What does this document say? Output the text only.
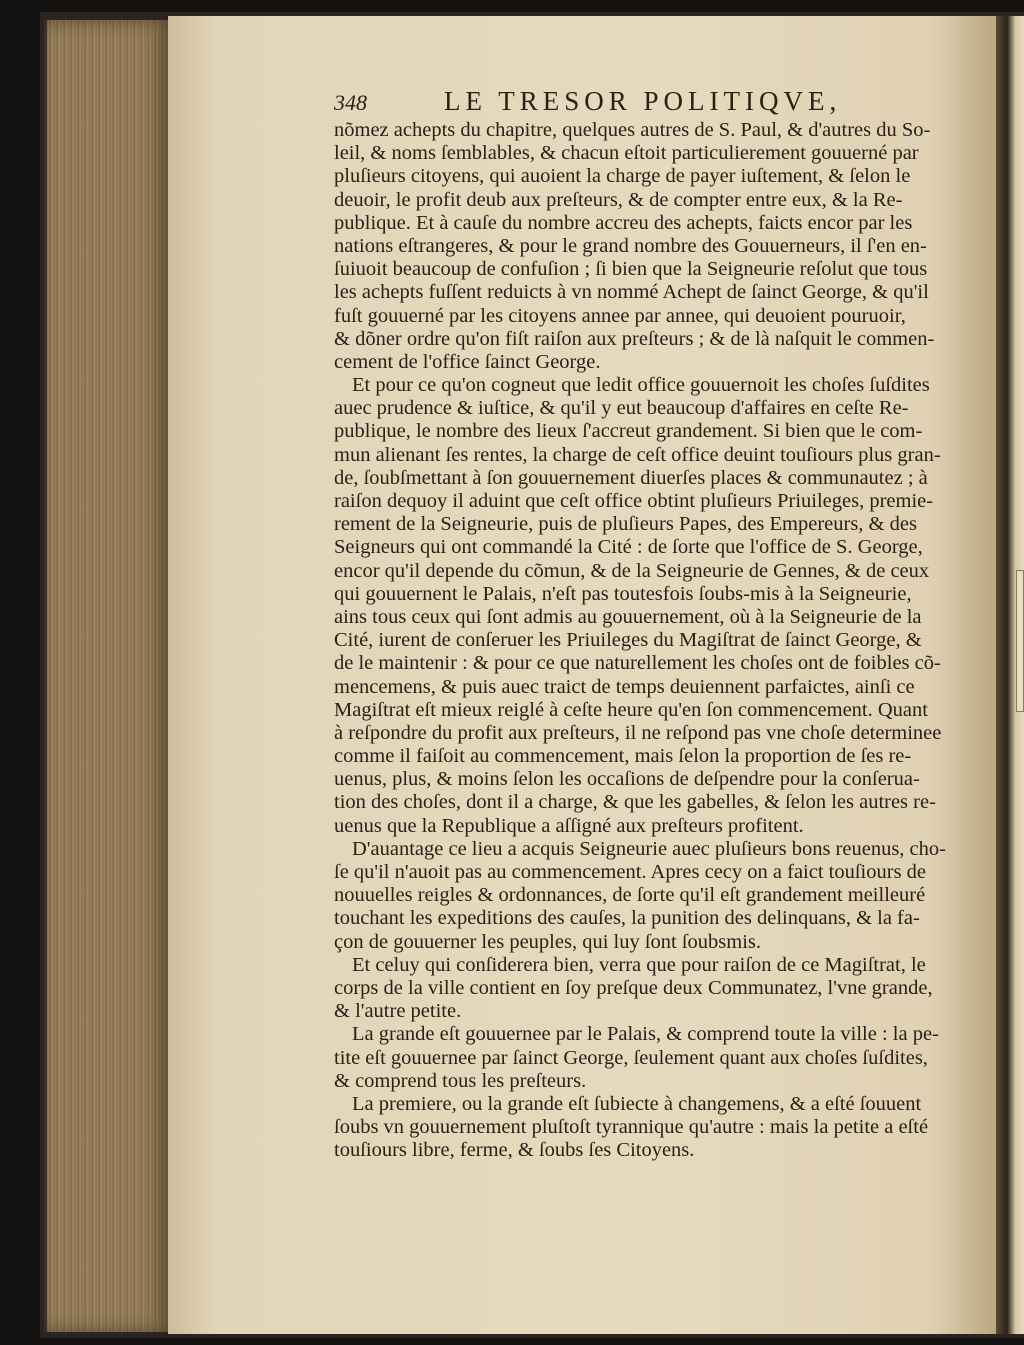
348	LE TRESOR POLITIQVE,
nõmez achepts du chapitre, quelques autres de S. Paul, & d'autres du So-
leil, & noms ſemblables, & chacun eſtoit particulierement gouuerné par
pluſieurs citoyens, qui auoient la charge de payer iuſtement, & ſelon le
deuoir, le profit deub aux preſteurs, & de compter entre eux, & la Re-
publique. Et à cauſe du nombre accreu des achepts, faicts encor par les
nations eſtrangeres, & pour le grand nombre des Gouuerneurs, il ſ'en en-
ſuiuoit beaucoup de confuſion ; ſi bien que la Seigneurie reſolut que tous
les achepts fuſſent reduicts à vn nommé Achept de ſainct George, & qu'il
fuſt gouuerné par les citoyens annee par annee, qui deuoient pouruoir,
& dõner ordre qu'on fiſt raiſon aux preſteurs ; & de là naſquit le commen-
cement de l'office ſainct George.
Et pour ce qu'on cogneut que ledit office gouuernoit les choſes ſuſdites
auec prudence & iuſtice, & qu'il y eut beaucoup d'affaires en ceſte Re-
publique, le nombre des lieux ſ'accreut grandement. Si bien que le com-
mun alienant ſes rentes, la charge de ceſt office deuint touſiours plus gran-
de, ſoubſmettant à ſon gouuernement diuerſes places & communautez ; à
raiſon dequoy il aduint que ceſt office obtint pluſieurs Priuileges, premie-
rement de la Seigneurie, puis de pluſieurs Papes, des Empereurs, & des
Seigneurs qui ont commandé la Cité : de ſorte que l'office de S. George,
encor qu'il depende du cõmun, & de la Seigneurie de Gennes, & de ceux
qui gouuernent le Palais, n'eſt pas toutesfois ſoubs-mis à la Seigneurie,
ains tous ceux qui ſont admis au gouuernement, où à la Seigneurie de la
Cité, iurent de conſeruer les Priuileges du Magiſtrat de ſainct George, &
de le maintenir : & pour ce que naturellement les choſes ont de foibles cõ-
mencemens, & puis auec traict de temps deuiennent parfaictes, ainſi ce
Magiſtrat eſt mieux reiglé à ceſte heure qu'en ſon commencement. Quant
à reſpondre du profit aux preſteurs, il ne reſpond pas vne choſe determinee
comme il faiſoit au commencement, mais ſelon la proportion de ſes re-
uenus, plus, & moins ſelon les occaſions de deſpendre pour la conſerua-
tion des choſes, dont il a charge, & que les gabelles, & ſelon les autres re-
uenus que la Republique a aſſigné aux preſteurs profitent.
D'auantage ce lieu a acquis Seigneurie auec pluſieurs bons reuenus, cho-
ſe qu'il n'auoit pas au commencement. Apres cecy on a faict touſiours de
nouuelles reigles & ordonnances, de ſorte qu'il eſt grandement meilleuré
touchant les expeditions des cauſes, la punition des delinquans, & la fa-
çon de gouuerner les peuples, qui luy ſont ſoubsmis.
Et celuy qui conſiderera bien, verra que pour raiſon de ce Magiſtrat, le
corps de la ville contient en ſoy preſque deux Communatez, l'vne grande,
& l'autre petite.
La grande eſt gouuernee par le Palais, & comprend toute la ville : la pe-
tite eſt gouuernee par ſainct George, ſeulement quant aux choſes ſuſdites,
& comprend tous les preſteurs.
La premiere, ou la grande eſt ſubiecte à changemens, & a eſté ſouuent
ſoubs vn gouuernement pluſtoſt tyrannique qu'autre : mais la petite a eſté
touſiours libre, ferme, & ſoubs ſes Citoyens.
